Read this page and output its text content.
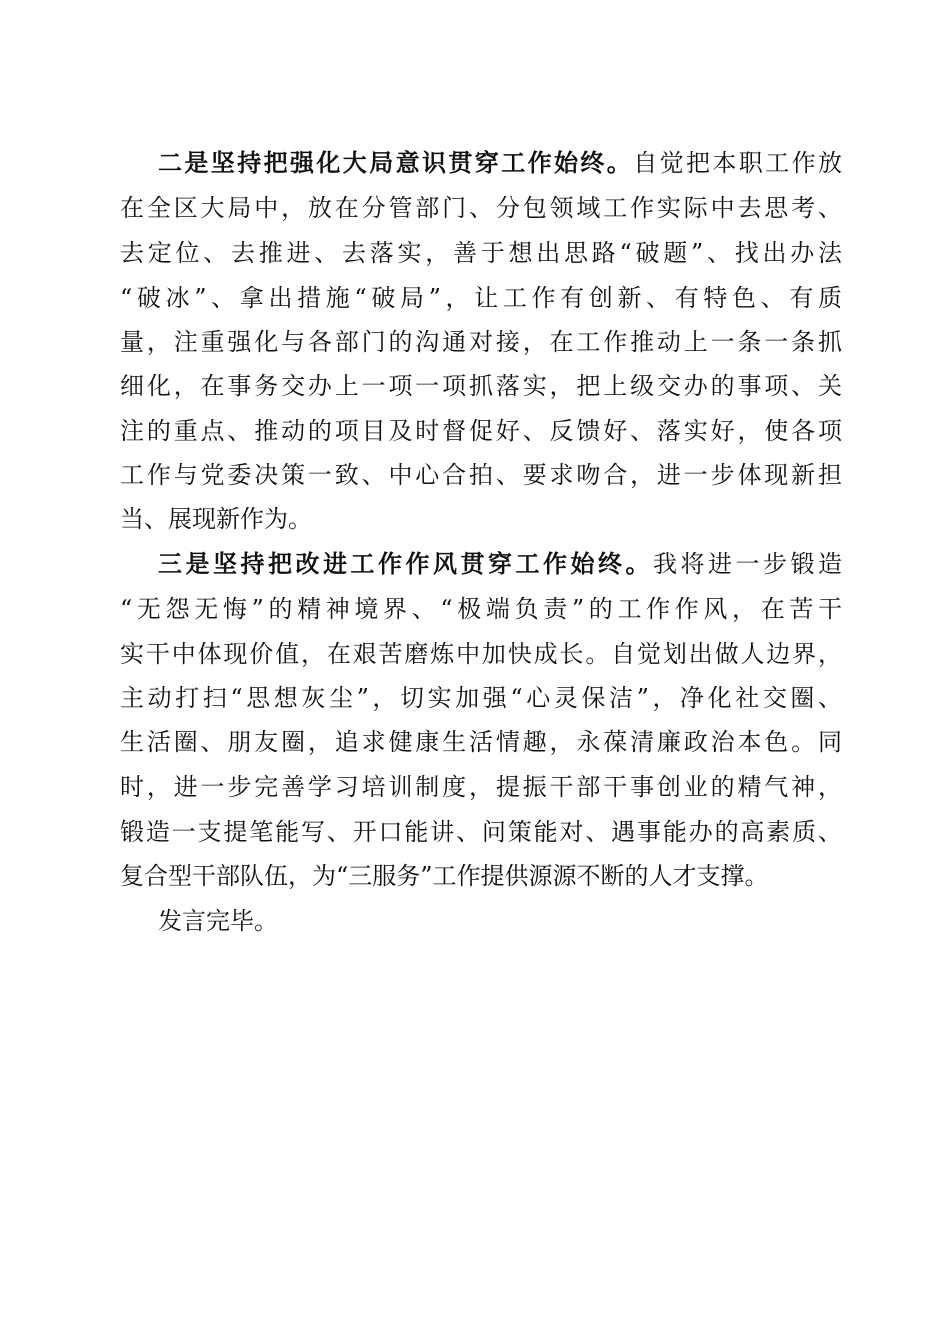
二是坚持把强化大局意识贯穿工作始终。自觉把本职工作放
在全区大局中，放在分管部门、分包领域工作实际中去思考、
去定位、去推进、去落实，善于想出思路“破题”、找出办法
“破冰”、拿出措施“破局”，让工作有创新、有特色、有质
量，注重强化与各部门的沟通对接，在工作推动上一条一条抓
细化，在事务交办上一项一项抓落实，把上级交办的事项、关
注的重点、推动的项目及时督促好、反馈好、落实好，使各项
工作与党委决策一致、中心合拍、要求吻合，进一步体现新担
当、展现新作为。
三是坚持把改进工作作风贯穿工作始终。我将进一步锻造
“无怨无悔”的精神境界、“极端负责”的工作作风，在苦干
实干中体现价值，在艰苦磨炼中加快成长。自觉划出做人边界，
主动打扫“思想灰尘”，切实加强“心灵保洁”，净化社交圈、
生活圈、朋友圈，追求健康生活情趣，永葆清廉政治本色。同
时，进一步完善学习培训制度，提振干部干事创业的精气神，
锻造一支提笔能写、开口能讲、问策能对、遇事能办的高素质、
复合型干部队伍，为“三服务”工作提供源源不断的人才支撑。
发言完毕。
